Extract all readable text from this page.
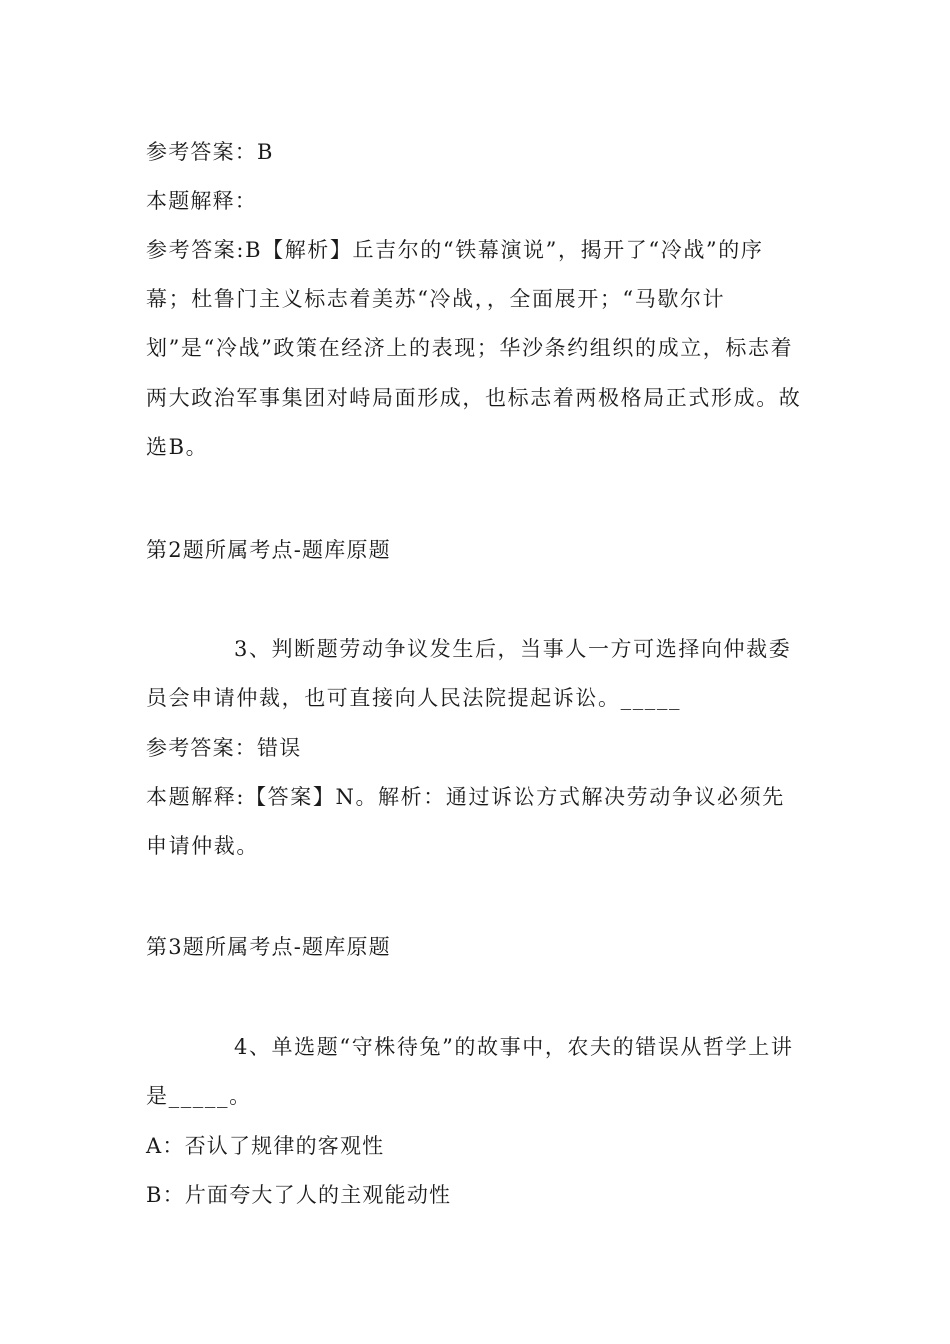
参考答案：B
本题解释：
参考答案:B【解析】丘吉尔的“铁幕演说”，揭开了“冷战”的序幕；杜鲁门主义标志着美苏“冷战，，全面展开；“马歇尔计划”是“冷战”政策在经济上的表现；华沙条约组织的成立，标志着两大政治军事集团对峙局面形成，也标志着两极格局正式形成。故选B。
第2题所属考点-题库原题
3、判断题劳动争议发生后，当事人一方可选择向仲裁委员会申请仲裁，也可直接向人民法院提起诉讼。_____
参考答案：错误
本题解释:【答案】N。解析：通过诉讼方式解决劳动争议必须先申请仲裁。
第3题所属考点-题库原题
4、单选题“守株待兔”的故事中，农夫的错误从哲学上讲是_____。
A：否认了规律的客观性
B：片面夸大了人的主观能动性
